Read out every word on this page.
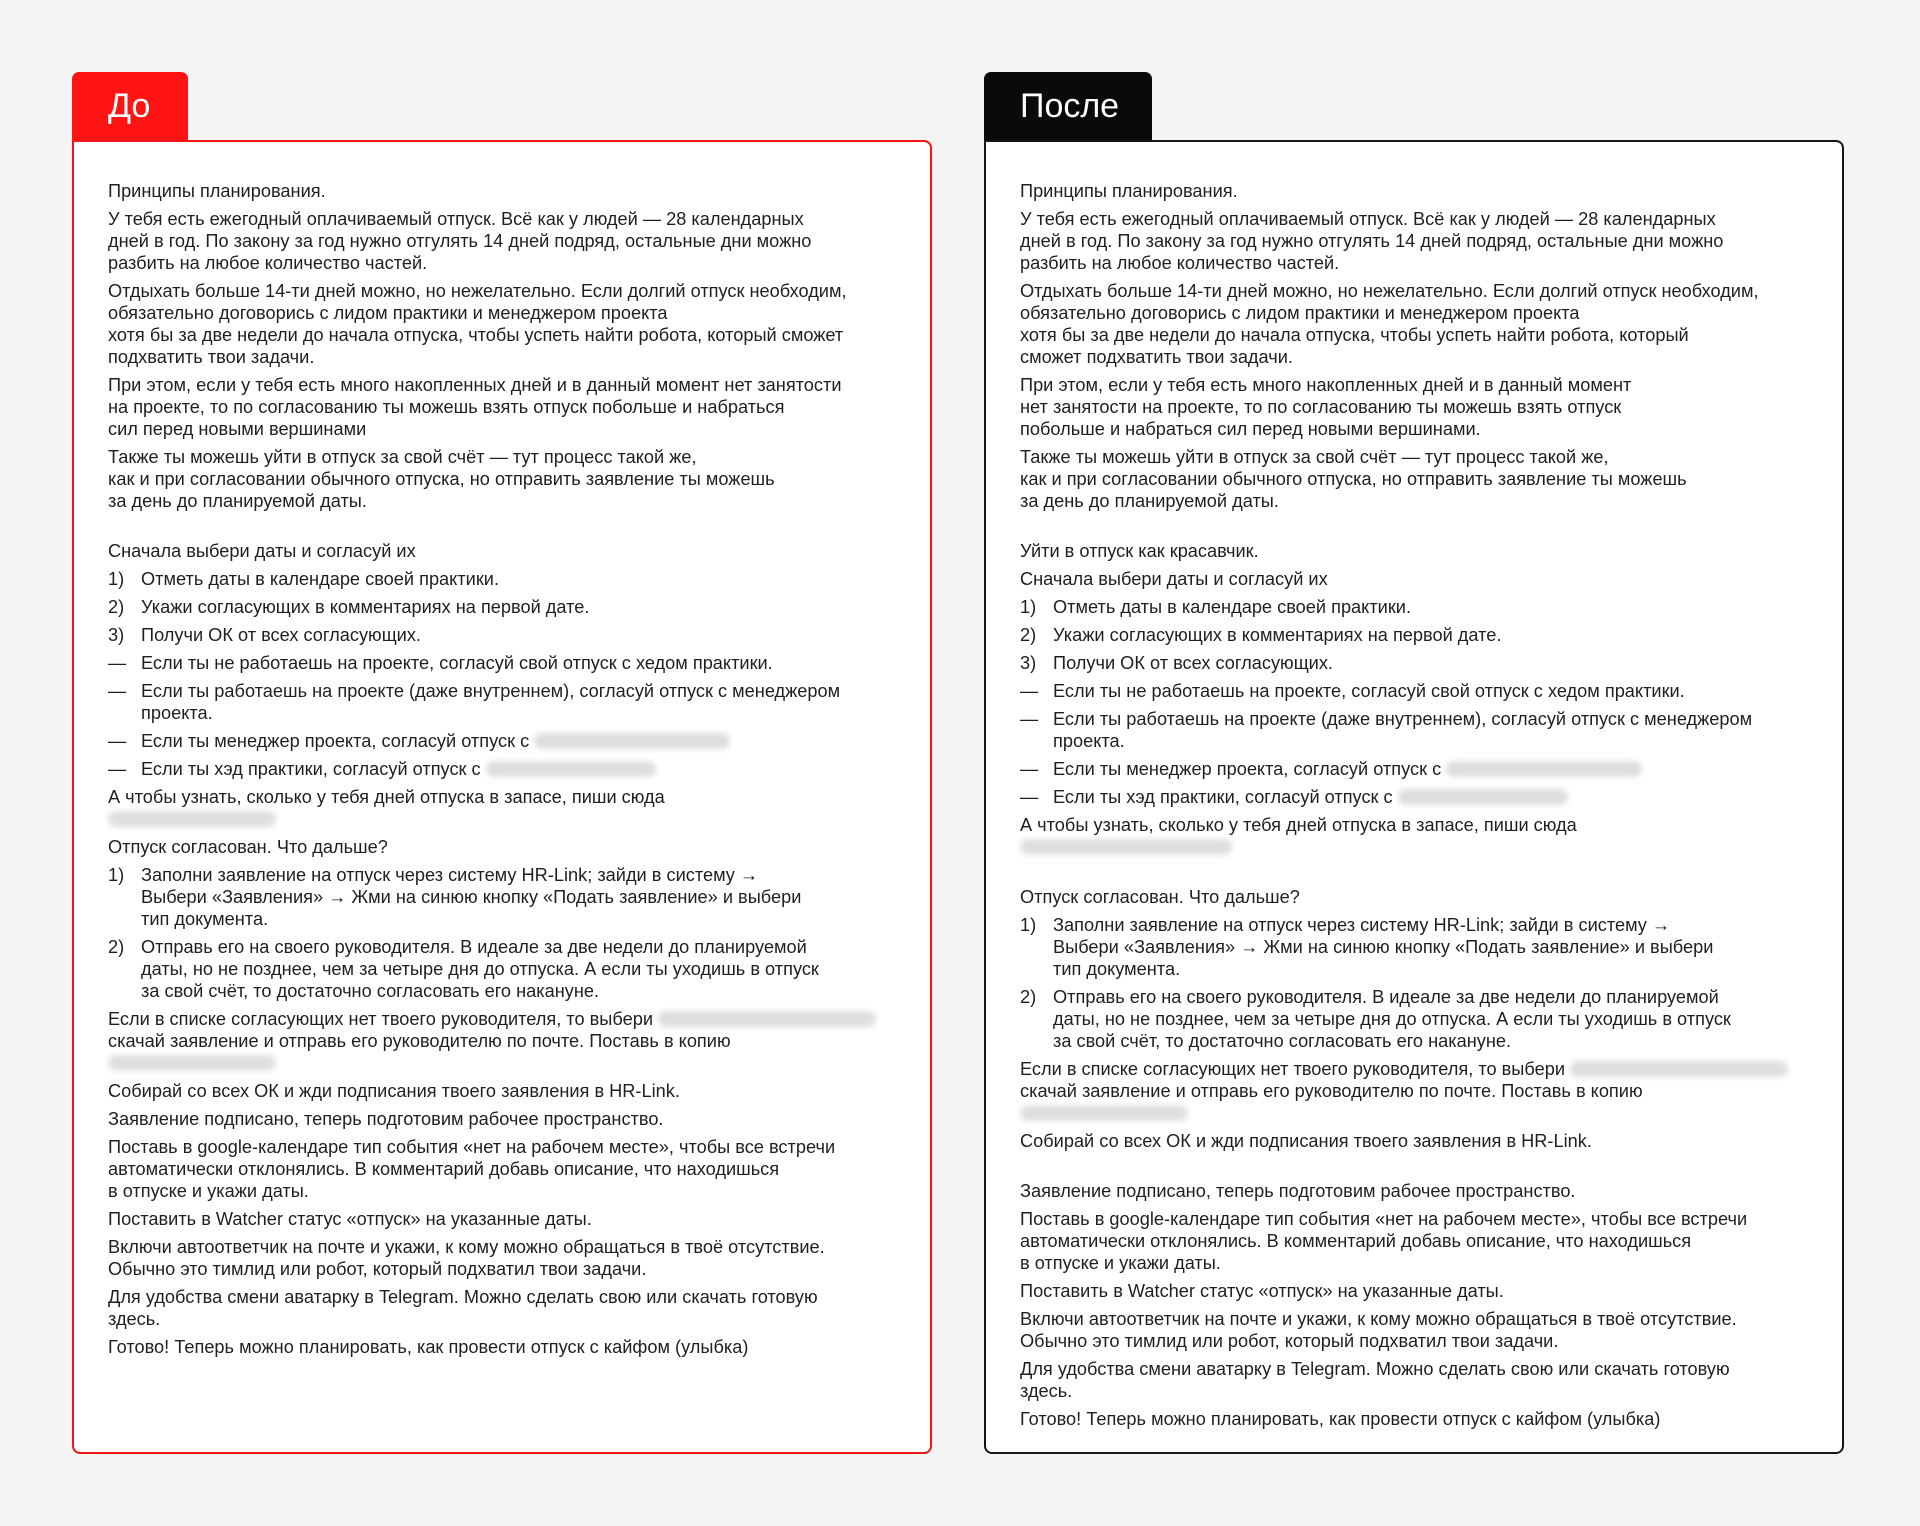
До
Принципы планирования.
У тебя есть ежегодный оплачиваемый отпуск. Всё как у людей — 28 календарных
дней в год. По закону за год нужно отгулять 14 дней подряд, остальные дни можно
разбить на любое количество частей.
Отдыхать больше 14-ти дней можно, но нежелательно. Если долгий отпуск необходим,
обязательно договорись с лидом практики и менеджером проекта
хотя бы за две недели до начала отпуска, чтобы успеть найти робота, который сможет
подхватить твои задачи.
При этом, если у тебя есть много накопленных дней и в данный момент нет занятости
на проекте, то по согласованию ты можешь взять отпуск побольше и набраться
сил перед новыми вершинами
Также ты можешь уйти в отпуск за свой счёт — тут процесс такой же,
как и при согласовании обычного отпуска, но отправить заявление ты можешь
за день до планируемой даты.
Сначала выбери даты и согласуй их
1) Отметь даты в календаре своей практики.
2) Укажи согласующих в комментариях на первой дате.
3) Получи ОК от всех согласующих.
— Если ты не работаешь на проекте, согласуй свой отпуск с хедом практики.
— Если ты работаешь на проекте (даже внутреннем), согласуй отпуск с менеджером
проекта.
— Если ты менеджер проекта, согласуй отпуск с
— Если ты хэд практики, согласуй отпуск с
А чтобы узнать, сколько у тебя дней отпуска в запасе, пиши сюда
Отпуск согласован. Что дальше?
1) Заполни заявление на отпуск через систему HR-Link; зайди в систему →
Выбери «Заявления» → Жми на синюю кнопку «Подать заявление» и выбери
тип документа.
2) Отправь его на своего руководителя. В идеале за две недели до планируемой
даты, но не позднее, чем за четыре дня до отпуска. А если ты уходишь в отпуск
за свой счёт, то достаточно согласовать его накануне.
Если в списке согласующих нет твоего руководителя, то выбери
скачай заявление и отправь его руководителю по почте. Поставь в копию
Собирай со всех ОК и жди подписания твоего заявления в HR-Link.
Заявление подписано, теперь подготовим рабочее пространство.
Поставь в google-календаре тип события «нет на рабочем месте», чтобы все встречи
автоматически отклонялись. В комментарий добавь описание, что находишься
в отпуске и укажи даты.
Поставить в Watcher статус «отпуск» на указанные даты.
Включи автоответчик на почте и укажи, к кому можно обращаться в твоё отсутствие.
Обычно это тимлид или робот, который подхватил твои задачи.
Для удобства смени аватарку в Telegram. Можно сделать свою или скачать готовую
здесь.
Готово! Теперь можно планировать, как провести отпуск с кайфом (улыбка)
После
Принципы планирования.
У тебя есть ежегодный оплачиваемый отпуск. Всё как у людей — 28 календарных
дней в год. По закону за год нужно отгулять 14 дней подряд, остальные дни можно
разбить на любое количество частей.
Отдыхать больше 14-ти дней можно, но нежелательно. Если долгий отпуск необходим,
обязательно договорись с лидом практики и менеджером проекта
хотя бы за две недели до начала отпуска, чтобы успеть найти робота, который
сможет подхватить твои задачи.
При этом, если у тебя есть много накопленных дней и в данный момент
нет занятости на проекте, то по согласованию ты можешь взять отпуск
побольше и набраться сил перед новыми вершинами.
Также ты можешь уйти в отпуск за свой счёт — тут процесс такой же,
как и при согласовании обычного отпуска, но отправить заявление ты можешь
за день до планируемой даты.
Уйти в отпуск как красавчик.
Сначала выбери даты и согласуй их
1) Отметь даты в календаре своей практики.
2) Укажи согласующих в комментариях на первой дате.
3) Получи ОК от всех согласующих.
— Если ты не работаешь на проекте, согласуй свой отпуск с хедом практики.
— Если ты работаешь на проекте (даже внутреннем), согласуй отпуск с менеджером
проекта.
— Если ты менеджер проекта, согласуй отпуск с
— Если ты хэд практики, согласуй отпуск с
А чтобы узнать, сколько у тебя дней отпуска в запасе, пиши сюда
Отпуск согласован. Что дальше?
1) Заполни заявление на отпуск через систему HR-Link; зайди в систему →
Выбери «Заявления» → Жми на синюю кнопку «Подать заявление» и выбери
тип документа.
2) Отправь его на своего руководителя. В идеале за две недели до планируемой
даты, но не позднее, чем за четыре дня до отпуска. А если ты уходишь в отпуск
за свой счёт, то достаточно согласовать его накануне.
Если в списке согласующих нет твоего руководителя, то выбери
скачай заявление и отправь его руководителю по почте. Поставь в копию
Собирай со всех ОК и жди подписания твоего заявления в HR-Link.
Заявление подписано, теперь подготовим рабочее пространство.
Поставь в google-календаре тип события «нет на рабочем месте», чтобы все встречи
автоматически отклонялись. В комментарий добавь описание, что находишься
в отпуске и укажи даты.
Поставить в Watcher статус «отпуск» на указанные даты.
Включи автоответчик на почте и укажи, к кому можно обращаться в твоё отсутствие.
Обычно это тимлид или робот, который подхватил твои задачи.
Для удобства смени аватарку в Telegram. Можно сделать свою или скачать готовую
здесь.
Готово! Теперь можно планировать, как провести отпуск с кайфом (улыбка)
